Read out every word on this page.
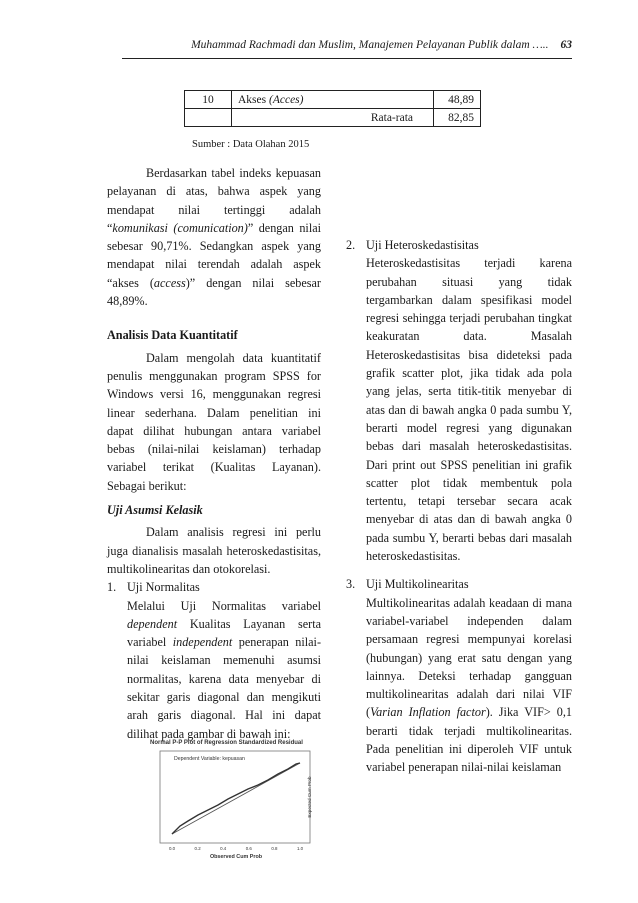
Muhammad Rachmadi dan Muslim, Manajemen Pelayanan Publik dalam ….. 63
10	Akses (Acces)	48,89
	Rata-rata	82,85
Sumber : Data Olahan 2015

Berdasarkan tabel indeks kepuasan pelayanan di atas, bahwa aspek yang mendapat nilai tertinggi adalah “komunikasi (comunication)” dengan nilai sebesar 90,71%. Sedangkan aspek yang mendapat nilai terendah adalah aspek “akses (access)” dengan nilai sebesar 48,89%.

Analisis Data Kuantitatif

Dalam mengolah data kuantitatif penulis menggunakan program SPSS for Windows versi 16, menggunakan regresi linear sederhana. Dalam penelitian ini dapat dilihat hubungan antara variabel bebas (nilai-nilai keislaman) terhadap variabel terikat (Kualitas Layanan). Sebagai berikut:

Uji Asumsi Kelasik

Dalam analisis regresi ini perlu juga dianalisis masalah heteroskedastisitas, multikolinearitas dan otokorelasi.

1. Uji Normalitas

Melalui Uji Normalitas variabel dependent Kualitas Layanan serta variabel independent penerapan nilai-nilai keislaman memenuhi asumsi normalitas, karena data menyebar di sekitar garis diagonal dan mengikuti arah garis diagonal. Hal ini dapat dilihat pada gambar di bawah ini:

2. Uji Heteroskedastisitas

Heteroskedastisitas terjadi karena perubahan situasi yang tidak tergambarkan dalam spesifikasi model regresi sehingga terjadi perubahan tingkat keakuratan data. Masalah Heteroskedastisitas bisa dideteksi pada grafik scatter plot, jika tidak ada pola yang jelas, serta titik-titik menyebar di atas dan di bawah angka 0 pada sumbu Y, berarti model regresi yang digunakan bebas dari masalah heteroskedastisitas. Dari print out SPSS penelitian ini grafik scatter plot tidak membentuk pola tertentu, tetapi tersebar secara acak menyebar di atas dan di bawah angka 0 pada sumbu Y, berarti bebas dari masalah heteroskedastisitas.

3. Uji Multikolinearitas

Multikolinearitas adalah keadaan di mana variabel-variabel independen dalam persamaan regresi mempunyai korelasi (hubungan) yang erat satu dengan yang lainnya. Deteksi terhadap gangguan multikolinearitas adalah dari nilai VIF (Varian Inflation factor). Jika VIF> 0,1 berarti tidak terjadi multikolinearitas. Pada penelitian ini diperoleh VIF untuk variabel penerapan nilai-nilai keislaman

Normal P-P Plot of Regression Standardized Residual
Dependent Variable: kepuasan
0.0	0.2	0.4	0.6	0.8	1.0
Expected Cum Prob
Observed Cum Prob
